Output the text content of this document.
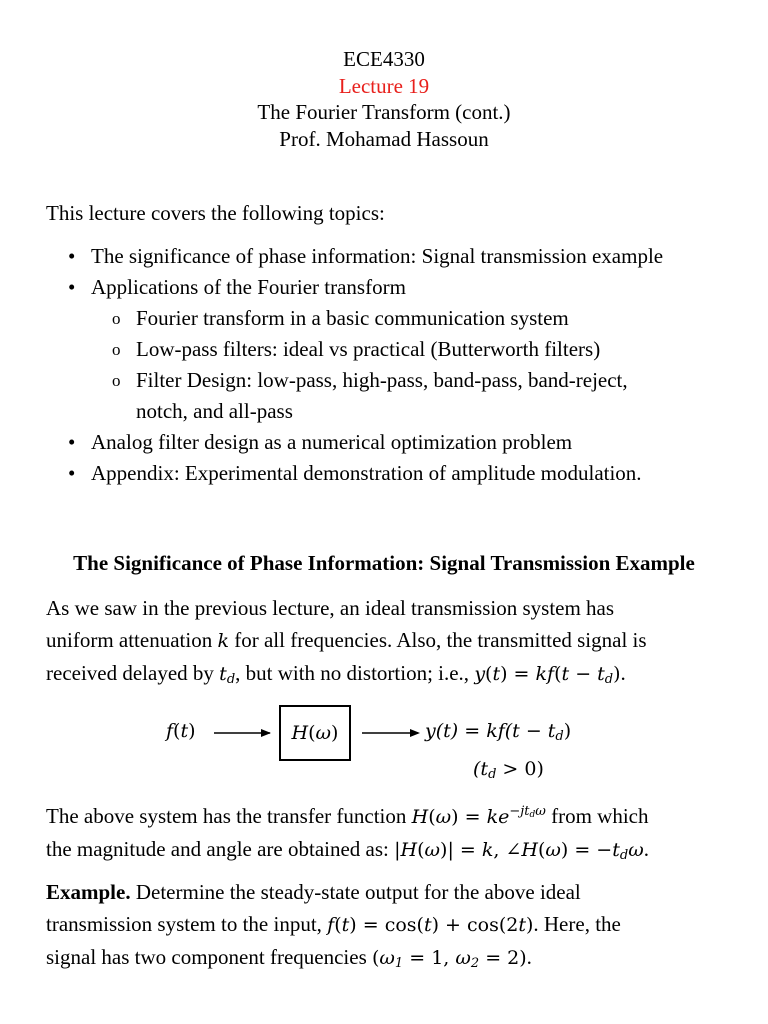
ECE4330
Lecture 19
The Fourier Transform (cont.)
Prof. Mohamad Hassoun
This lecture covers the following topics:
• The significance of phase information: Signal transmission example
• Applications of the Fourier transform
o Fourier transform in a basic communication system
o Low-pass filters: ideal vs practical (Butterworth filters)
o Filter Design: low-pass, high-pass, band-pass, band-reject,
notch, and all-pass
• Analog filter design as a numerical optimization problem
• Appendix: Experimental demonstration of amplitude modulation.
The Significance of Phase Information: Signal Transmission Example
As we saw in the previous lecture, an ideal transmission system has
uniform attenuation k for all frequencies. Also, the transmitted signal is
received delayed by $t_d$, but with no distortion; i.e., $y(t) = kf(t - t_d)$.
f(t)	H(ω)	$y(t) = kf(t - t_d)$
$(t_d > 0)$
The above system has the transfer function $H(\omega) = ke^{-jt_d\omega}$ from which
the magnitude and angle are obtained as: |H(ω)| = k, ∠H(ω) = $-t_d\omega$.
Example. Determine the steady-state output for the above ideal
transmission system to the input, f(t) = cos(t) + cos(2t). Here, the
signal has two component frequencies ($\omega_1 = 1$, $\omega_2 = 2$).
